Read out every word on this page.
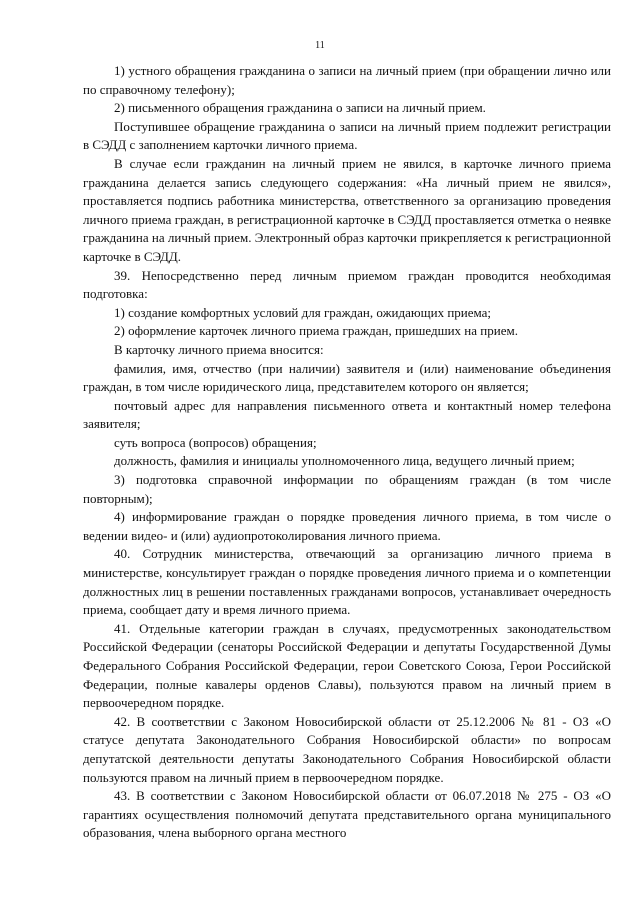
11

1) устного обращения гражданина о записи на личный прием (при обращении лично или по справочному телефону);

2) письменного обращения гражданина о записи на личный прием.

Поступившее обращение гражданина о записи на личный прием подлежит регистрации в СЭДД с заполнением карточки личного приема.

В случае если гражданин на личный прием не явился, в карточке личного приема гражданина делается запись следующего содержания: «На личный прием не явился», проставляется подпись работника министерства, ответственного за организацию проведения личного приема граждан, в регистрационной карточке в СЭДД проставляется отметка о неявке гражданина на личный прием. Электронный образ карточки прикрепляется к регистрационной карточке в СЭДД.

39. Непосредственно перед личным приемом граждан проводится необходимая подготовка:

1) создание комфортных условий для граждан, ожидающих приема;

2) оформление карточек личного приема граждан, пришедших на прием.

В карточку личного приема вносится:

фамилия, имя, отчество (при наличии) заявителя и (или) наименование объединения граждан, в том числе юридического лица, представителем которого он является;

почтовый адрес для направления письменного ответа и контактный номер телефона заявителя;

суть вопроса (вопросов) обращения;

должность, фамилия и инициалы уполномоченного лица, ведущего личный прием;

3) подготовка справочной информации по обращениям граждан (в том числе повторным);

4) информирование граждан о порядке проведения личного приема, в том числе о ведении видео- и (или) аудиопротоколирования личного приема.

40. Сотрудник министерства, отвечающий за организацию личного приема в министерстве, консультирует граждан о порядке проведения личного приема и о компетенции должностных лиц в решении поставленных гражданами вопросов, устанавливает очередность приема, сообщает дату и время личного приема.

41. Отдельные категории граждан в случаях, предусмотренных законодательством Российской Федерации (сенаторы Российской Федерации и депутаты Государственной Думы Федерального Собрания Российской Федерации, герои Советского Союза, Герои Российской Федерации, полные кавалеры орденов Славы), пользуются правом на личный прием в первоочередном порядке.

42. В соответствии с Законом Новосибирской области от 25.12.2006 № 81 - ОЗ «О статусе депутата Законодательного Собрания Новосибирской области» по вопросам депутатской деятельности депутаты Законодательного Собрания Новосибирской области пользуются правом на личный прием в первоочередном порядке.

43. В соответствии с Законом Новосибирской области от 06.07.2018 № 275 - ОЗ «О гарантиях осуществления полномочий депутата представительного органа муниципального образования, члена выборного органа местного
